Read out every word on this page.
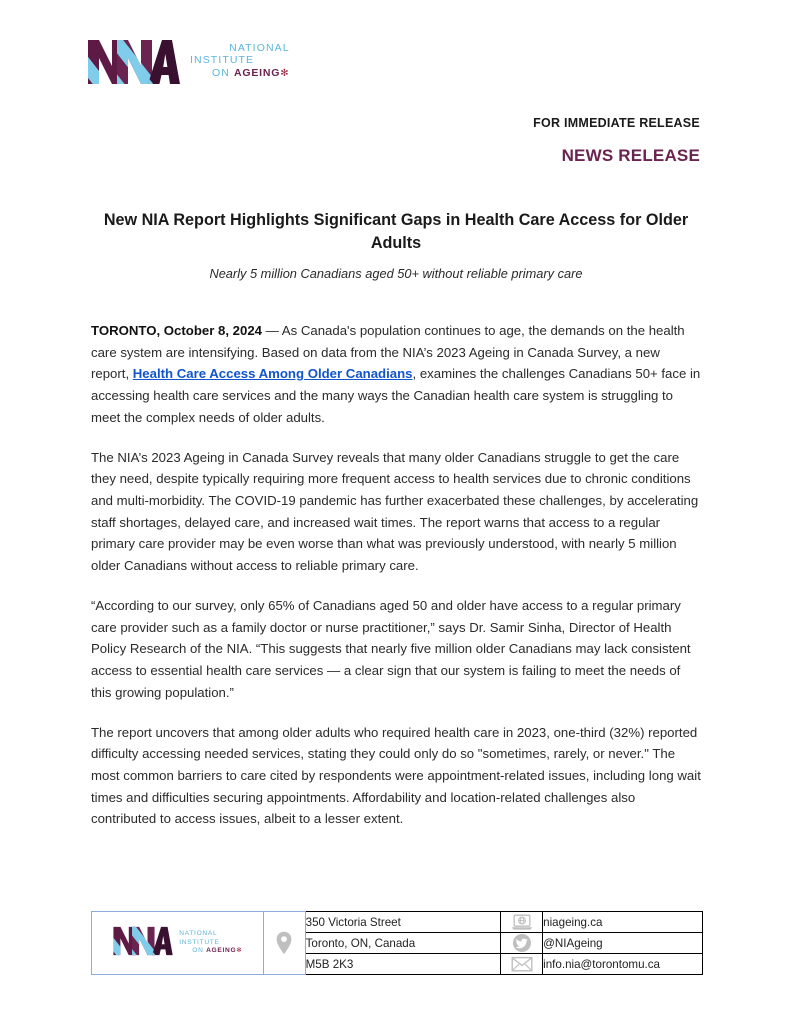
NATIONAL
INSTITUTE
ON AGEING✻
FOR IMMEDIATE RELEASE
NEWS RELEASE
New NIA Report Highlights Significant Gaps in Health Care Access for Older Adults
Nearly 5 million Canadians aged 50+ without reliable primary care

TORONTO, October 8, 2024 — As Canada's population continues to age, the demands on the health care system are intensifying. Based on data from the NIA’s 2023 Ageing in Canada Survey, a new report, Health Care Access Among Older Canadians, examines the challenges Canadians 50+ face in accessing health care services and the many ways the Canadian health care system is struggling to meet the complex needs of older adults.

The NIA’s 2023 Ageing in Canada Survey reveals that many older Canadians struggle to get the care they need, despite typically requiring more frequent access to health services due to chronic conditions and multi-morbidity. The COVID-19 pandemic has further exacerbated these challenges, by accelerating staff shortages, delayed care, and increased wait times. The report warns that access to a regular primary care provider may be even worse than what was previously understood, with nearly 5 million older Canadians without access to reliable primary care.

“According to our survey, only 65% of Canadians aged 50 and older have access to a regular primary care provider such as a family doctor or nurse practitioner,” says Dr. Samir Sinha, Director of Health Policy Research of the NIA. “This suggests that nearly five million older Canadians may lack consistent access to essential health care services — a clear sign that our system is failing to meet the needs of this growing population.”

The report uncovers that among older adults who required health care in 2023, one-third (32%) reported difficulty accessing needed services, stating they could only do so "sometimes, rarely, or never." The most common barriers to care cited by respondents were appointment-related issues, including long wait times and difficulties securing appointments. Affordability and location-related challenges also contributed to access issues, albeit to a lesser extent.

NATIONAL
INSTITUTE
ON AGEING✻		350 Victoria Street		niageing.ca
		Toronto, ON, Canada		@NIAgeing
		M5B 2K3		info.nia@torontomu.ca
